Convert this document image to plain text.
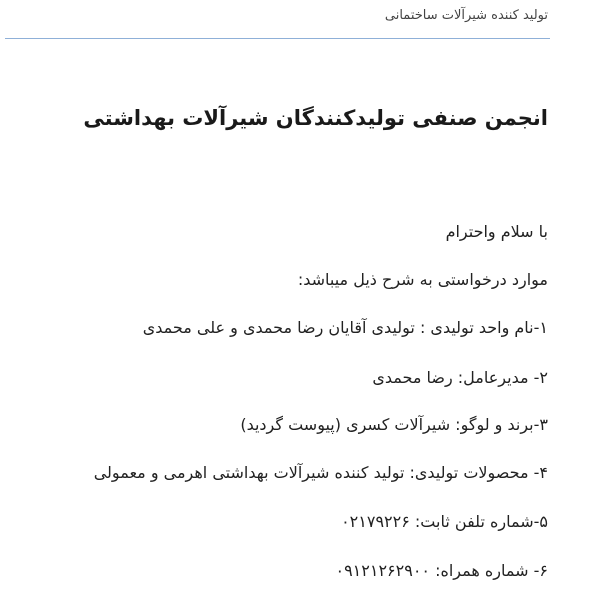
تولید کننده شیرآلات ساختمانی
انجمن صنفی تولیدکنندگان شیرآلات بهداشتی
با سلام واحترام
موارد درخواستی به شرح ذیل میباشد:
۱-نام واحد تولیدی : تولیدی آقایان رضا محمدی و علی محمدی
۲- مدیرعامل: رضا محمدی
۳-برند و لوگو: شیرآلات کسری (پیوست گردید)
۴- محصولات تولیدی: تولید کننده شیرآلات بهداشتی اهرمی و معمولی
۵-شماره تلفن ثابت: ۰۲۱۷۹۲۲۶
۶- شماره همراه: ۰۹۱۲۱۲۶۲۹۰۰
